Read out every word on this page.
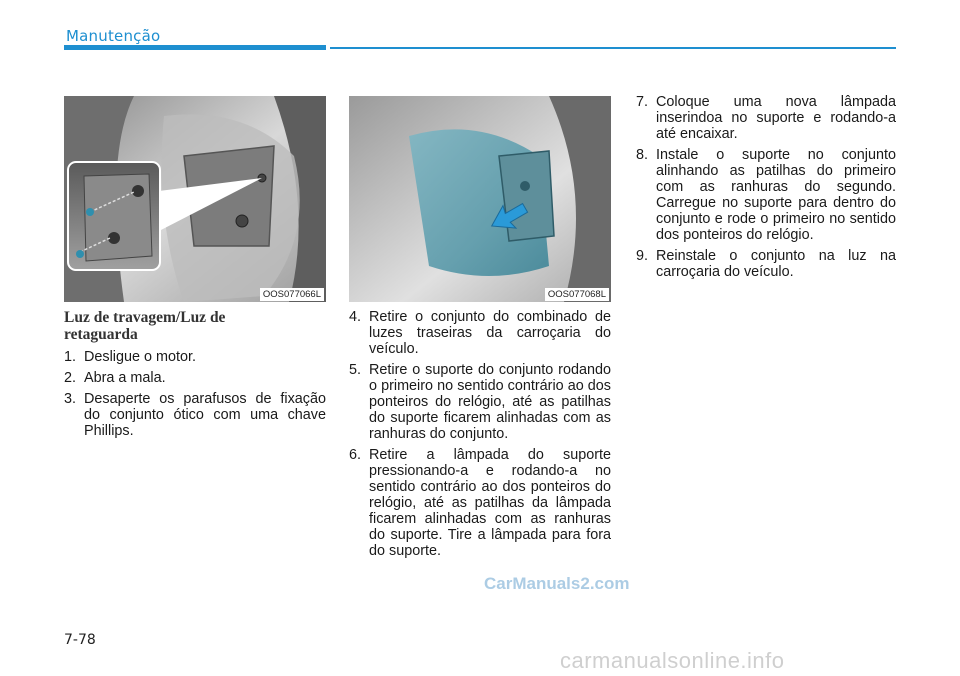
Manutenção
OOS077066L	OOS077068L
Luz de travagem/Luz de retaguarda
1. Desligue o motor.
2. Abra a mala.
3. Desaperte os parafusos de fixação do conjunto ótico com uma chave Phillips.
4. Retire o conjunto do combinado de luzes traseiras da carroçaria do veículo.
5. Retire o suporte do conjunto rodando o primeiro no sentido contrário ao dos ponteiros do relógio, até as patilhas do suporte ficarem alinhadas com as ranhuras do conjunto.
6. Retire a lâmpada do suporte pressionando-a e rodando-a no sentido contrário ao dos ponteiros do relógio, até as patilhas da lâmpada ficarem alinhadas com as ranhuras do suporte. Tire a lâmpada para fora do suporte.
7. Coloque uma nova lâmpada inserindoa no suporte e rodando-a até encaixar.
8. Instale o suporte no conjunto alinhando as patilhas do primeiro com as ranhuras do segundo. Carregue no suporte para dentro do conjunto e rode o primeiro no sentido dos ponteiros do relógio.
9. Reinstale o conjunto na luz na carroçaria do veículo.
7-78
CarManuals2.com
carmanualsonline.info
